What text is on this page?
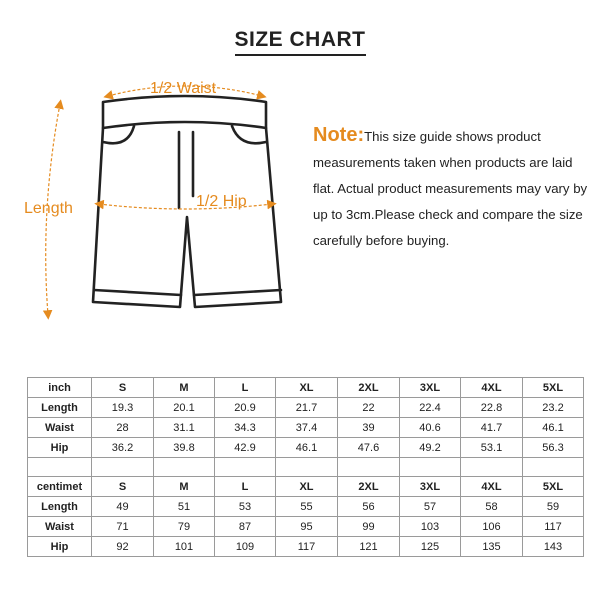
SIZE CHART
1/2 Waist
1/2 Hip
Length
Note:This size guide shows product measurements taken when products are laid flat. Actual product measurements may vary by up to 3cm.Please check and compare the size carefully before buying.
inch	S	M	L	XL	2XL	3XL	4XL	5XL
Length	19.3	20.1	20.9	21.7	22	22.4	22.8	23.2
Waist	28	31.1	34.3	37.4	39	40.6	41.7	46.1
Hip	36.2	39.8	42.9	46.1	47.6	49.2	53.1	56.3

centimet	S	M	L	XL	2XL	3XL	4XL	5XL
Length	49	51	53	55	56	57	58	59
Waist	71	79	87	95	99	103	106	117
Hip	92	101	109	117	121	125	135	143
